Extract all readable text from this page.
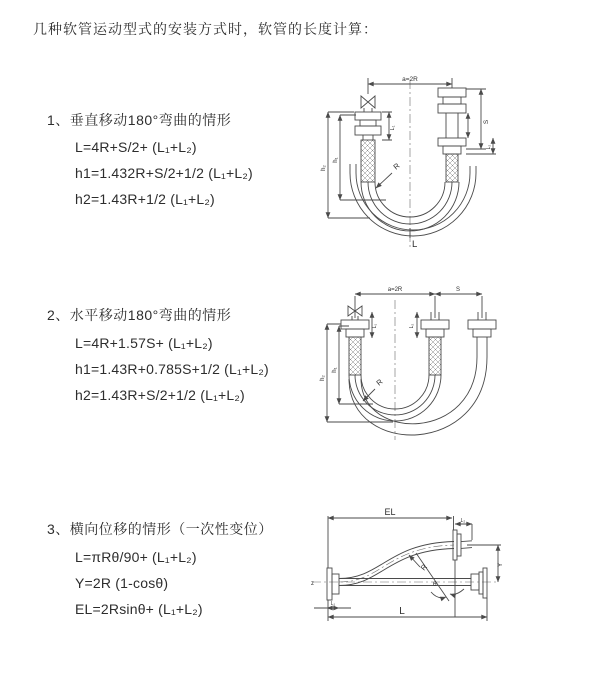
几种软管运动型式的安装方式时，软管的长度计算：
1、垂直移动180°弯曲的情形
L=4R+S/2+ (L₁+L₂)
h1=1.432R+S/2+1/2 (L₁+L₂)
h2=1.43R+1/2 (L₁+L₂)
2、水平移动180°弯曲的情形
L=4R+1.57S+ (L₁+L₂)
h1=1.43R+0.785S+1/2 (L₁+L₂)
h2=1.43R+S/2+1/2 (L₁+L₂)
3、横向位移的情形（一次性变位）
L=πRθ/90+ (L₁+L₂)
Y=2R (1-cosθ)
EL=2Rsinθ+ (L₁+L₂)
a=2R
S
L₂
h₂
h₁
L₁
R
L
a=2R	S
h₂
h₁
L₁	L₂
R
EL
L₂
Y
R
θ
L
L₁
z
